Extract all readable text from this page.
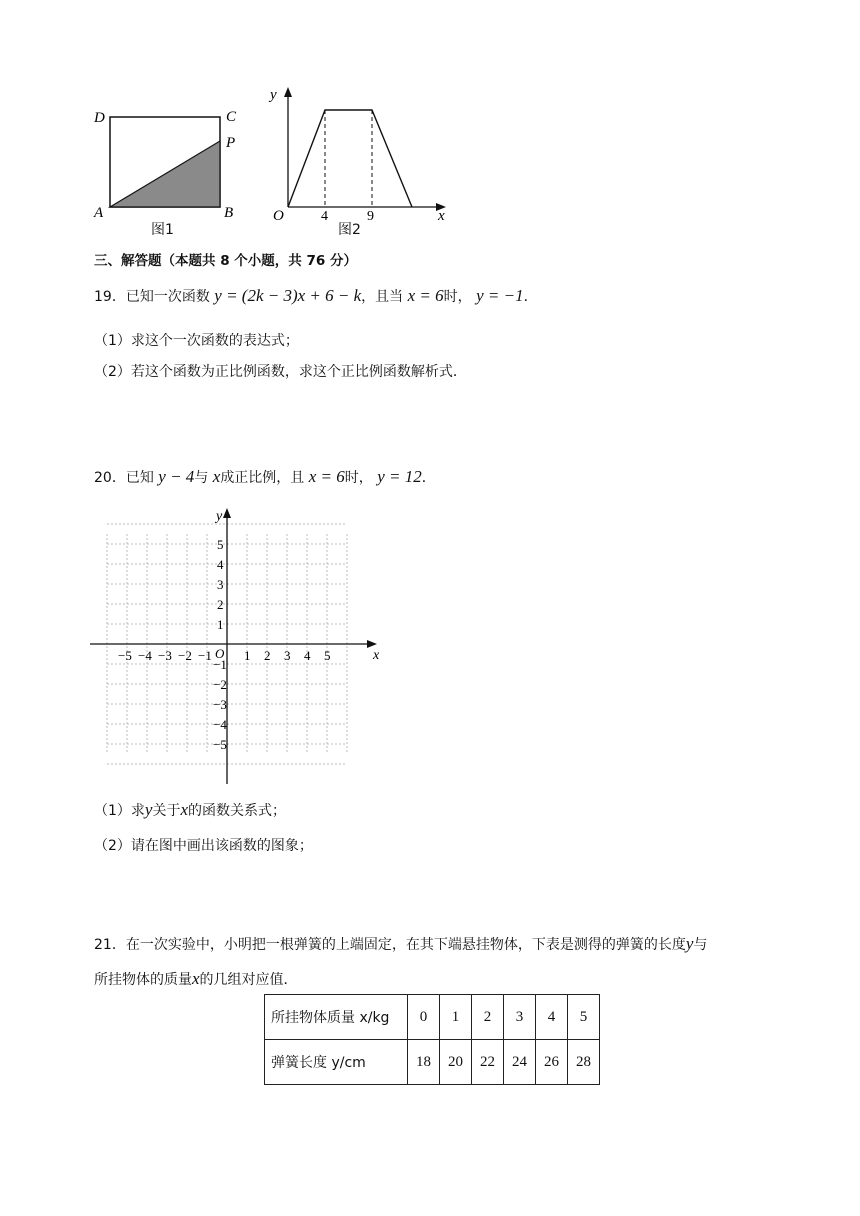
D	C
P
A	B
图1
y
x
O	4	9
图2
三、解答题（本题共 8 个小题，共 76 分）
19．已知一次函数 y = (2k − 3)x + 6 − k，且当 x = 6时， y = −1．
（1）求这个一次函数的表达式；
（2）若这个函数为正比例函数，求这个正比例函数解析式．
20．已知 y − 4与 x成正比例，且 x = 6时， y = 12．
x
y
O
−5 −4 −3 −2 −1 1 2 3 4 5
5
4
3
2
1
−1
−2
−3
−4
−5
（1）求y关于x的函数关系式；
（2）请在图中画出该函数的图象；
21．在一次实验中，小明把一根弹簧的上端固定，在其下端悬挂物体，下表是测得的弹簧的长度y与
所挂物体的质量x的几组对应值．
所挂物体质量 x/kg	0	1	2	3	4	5
弹簧长度 y/cm	18	20	22	24	26	28
